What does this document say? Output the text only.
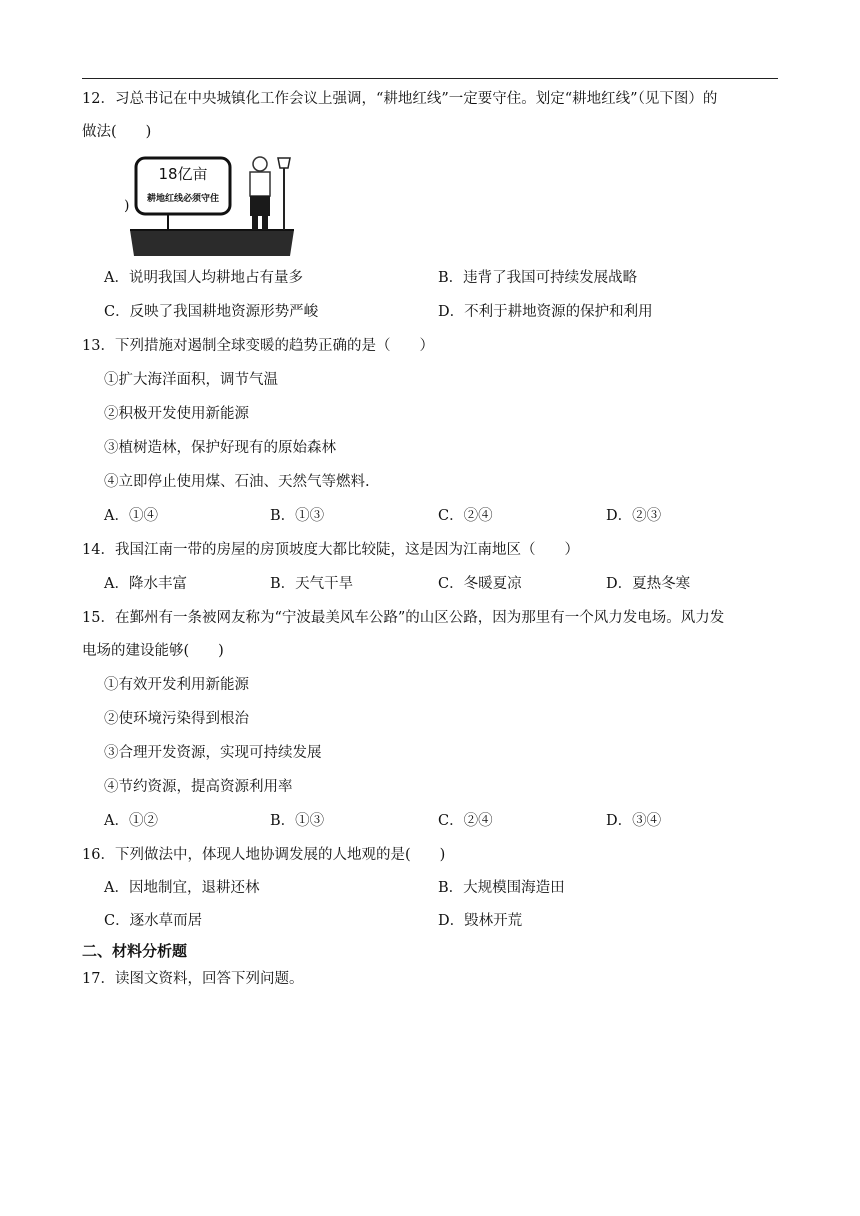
12．习总书记在中央城镇化工作会议上强调，“耕地红线”一定要守住。划定“耕地红线”（见下图）的
做法(　　)
)
18亿亩
耕地红线必须守住
A．说明我国人均耕地占有量多	B．违背了我国可持续发展战略
C．反映了我国耕地资源形势严峻	D．不利于耕地资源的保护和利用
13．下列措施对遏制全球变暖的趋势正确的是（　　）
①扩大海洋面积，调节气温
②积极开发使用新能源
③植树造林，保护好现有的原始森林
④立即停止使用煤、石油、天然气等燃料.
A．①④	B．①③	C．②④	D．②③
14．我国江南一带的房屋的房顶坡度大都比较陡，这是因为江南地区（　　）
A．降水丰富	B．天气干旱	C．冬暖夏凉	D．夏热冬寒
15．在鄞州有一条被网友称为“宁波最美风车公路”的山区公路，因为那里有一个风力发电场。风力发
电场的建设能够(　　)
①有效开发利用新能源
②使环境污染得到根治
③合理开发资源，实现可持续发展
④节约资源，提高资源利用率
A．①②	B．①③	C．②④	D．③④
16．下列做法中，体现人地协调发展的人地观的是(　　)
A．因地制宜，退耕还林	B．大规模围海造田
C．逐水草而居	D．毁林开荒
二、材料分析题
17．读图文资料，回答下列问题。
